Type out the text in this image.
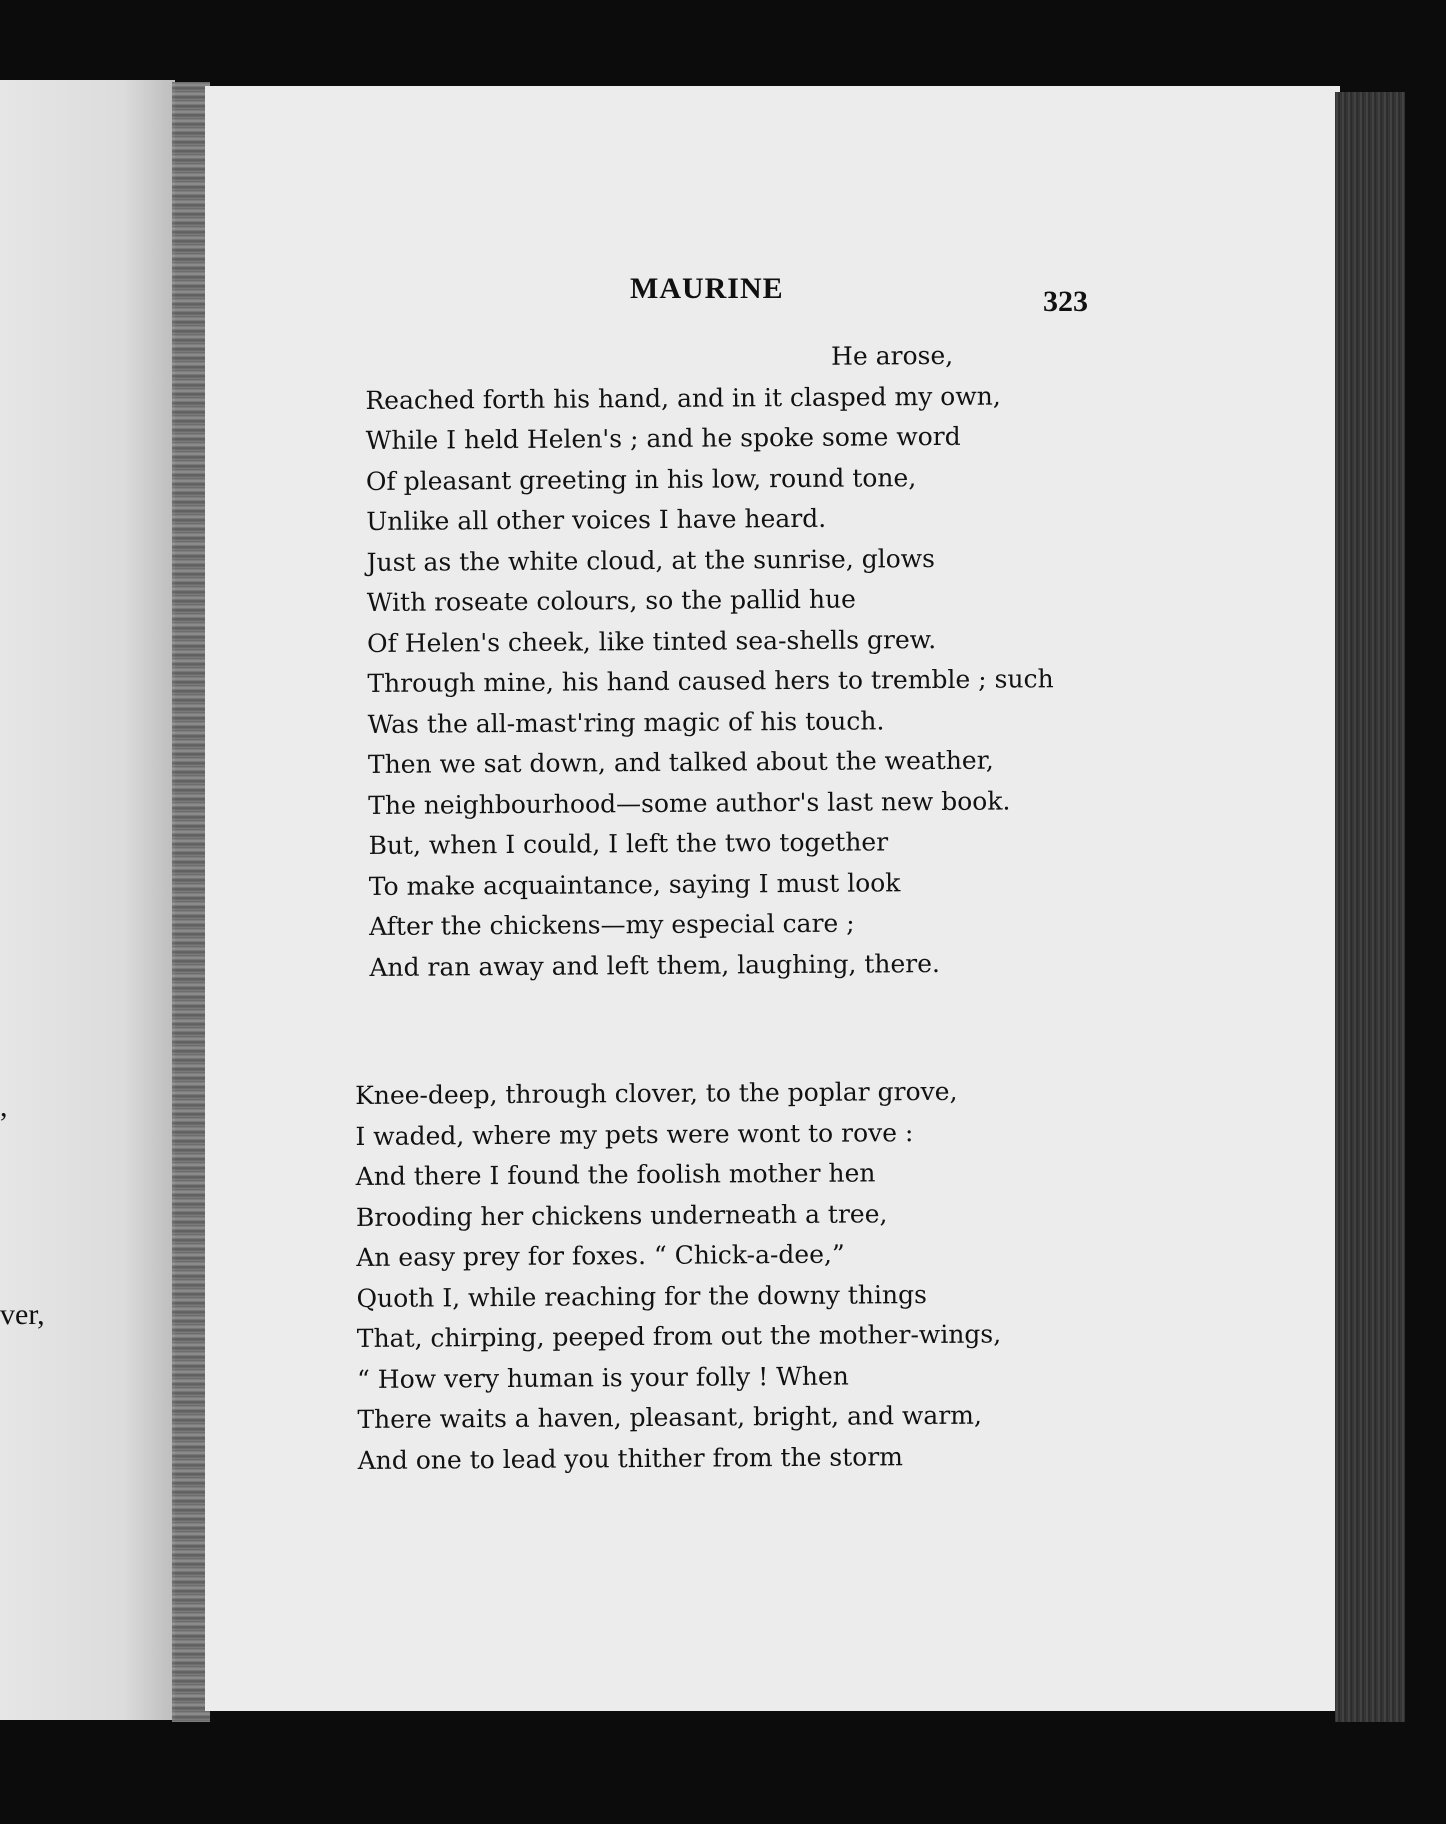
,
ver,
MAURINE	323
He arose,
Reached forth his hand, and in it clasped my own,
While I held Helen's ; and he spoke some word
Of pleasant greeting in his low, round tone,
Unlike all other voices I have heard.
Just as the white cloud, at the sunrise, glows
With roseate colours, so the pallid hue
Of Helen's cheek, like tinted sea-shells grew.
Through mine, his hand caused hers to tremble ; such
Was the all-mast'ring magic of his touch.
Then we sat down, and talked about the weather,
The neighbourhood—some author's last new book.
But, when I could, I left the two together
To make acquaintance, saying I must look
After the chickens—my especial care ;
And ran away and left them, laughing, there.
Knee-deep, through clover, to the poplar grove,
I waded, where my pets were wont to rove :
And there I found the foolish mother hen
Brooding her chickens underneath a tree,
An easy prey for foxes. “ Chick-a-dee,”
Quoth I, while reaching for the downy things
That, chirping, peeped from out the mother-wings,
“ How very human is your folly ! When
There waits a haven, pleasant, bright, and warm,
And one to lead you thither from the storm
